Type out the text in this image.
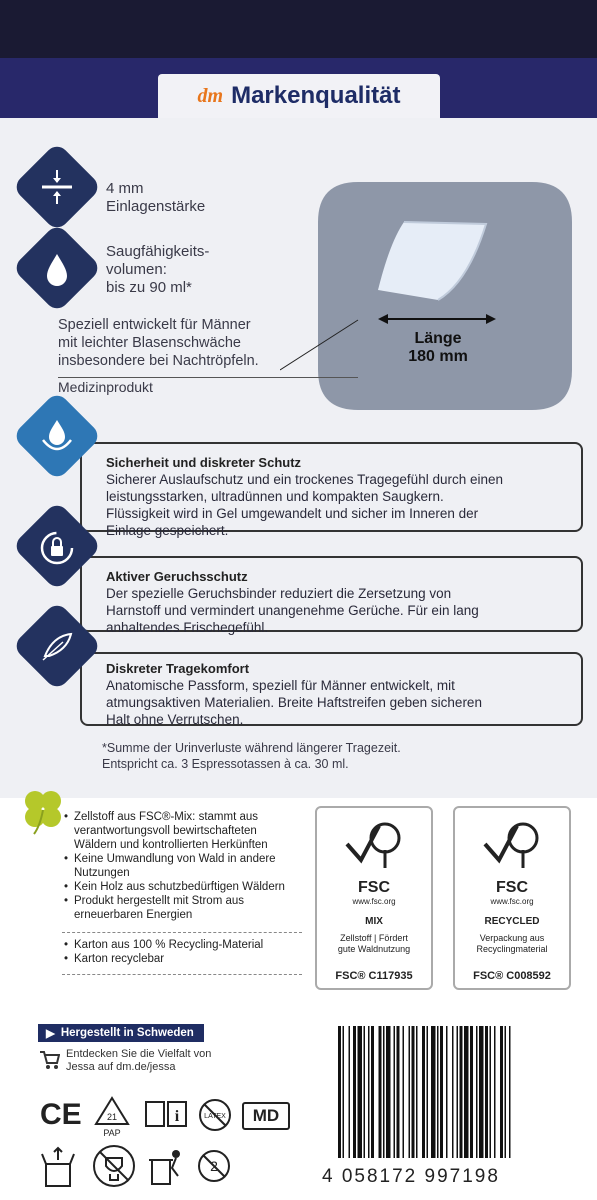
dm Markenqualität
4 mm
Einlagenstärke
Saugfähigkeits-
volumen:
bis zu 90 ml*
Länge
180 mm
Speziell entwickelt für Männer
mit leichter Blasenschwäche
insbesondere bei Nachtröpfeln.
Medizinprodukt
Sicherheit und diskreter Schutz
Sicherer Auslaufschutz und ein trockenes Tragegefühl durch einen
leistungsstarken, ultradünnen und kompakten Saugkern.
Flüssigkeit wird in Gel umgewandelt und sicher im Inneren der
Einlage gespeichert.
Aktiver Geruchsschutz
Der spezielle Geruchsbinder reduziert die Zersetzung von
Harnstoff und vermindert unangenehme Gerüche. Für ein lang
anhaltendes Frischegefühl.
Diskreter Tragekomfort
Anatomische Passform, speziell für Männer entwickelt, mit
atmungsaktiven Materialien. Breite Haftstreifen geben sicheren
Halt ohne Verrutschen.
*Summe der Urinverluste während längerer Tragezeit.
Entspricht ca. 3 Espressotassen à ca. 30 ml.
• Zellstoff aus FSC®-Mix: stammt aus verantwortungsvoll bewirtschafteten Wäldern und kontrollierten Herkünften
• Keine Umwandlung von Wald in andere Nutzungen
• Kein Holz aus schutzbedürftigen Wäldern
• Produkt hergestellt mit Strom aus erneuerbaren Energien
• Karton aus 100 % Recycling-Material
• Karton recyclebar
FSC
www.fsc.org
MIX
Zellstoff | Fördert
gute Waldnutzung
FSC® C117935
FSC
www.fsc.org
RECYCLED
Verpackung aus
Recyclingmaterial
FSC® C008592
▶ Hergestellt in Schweden
Entdecken Sie die Vielfalt von
Jessa auf dm.de/jessa
CE	21
PAP
i	LATEX	MD
2	4 058172 997198
